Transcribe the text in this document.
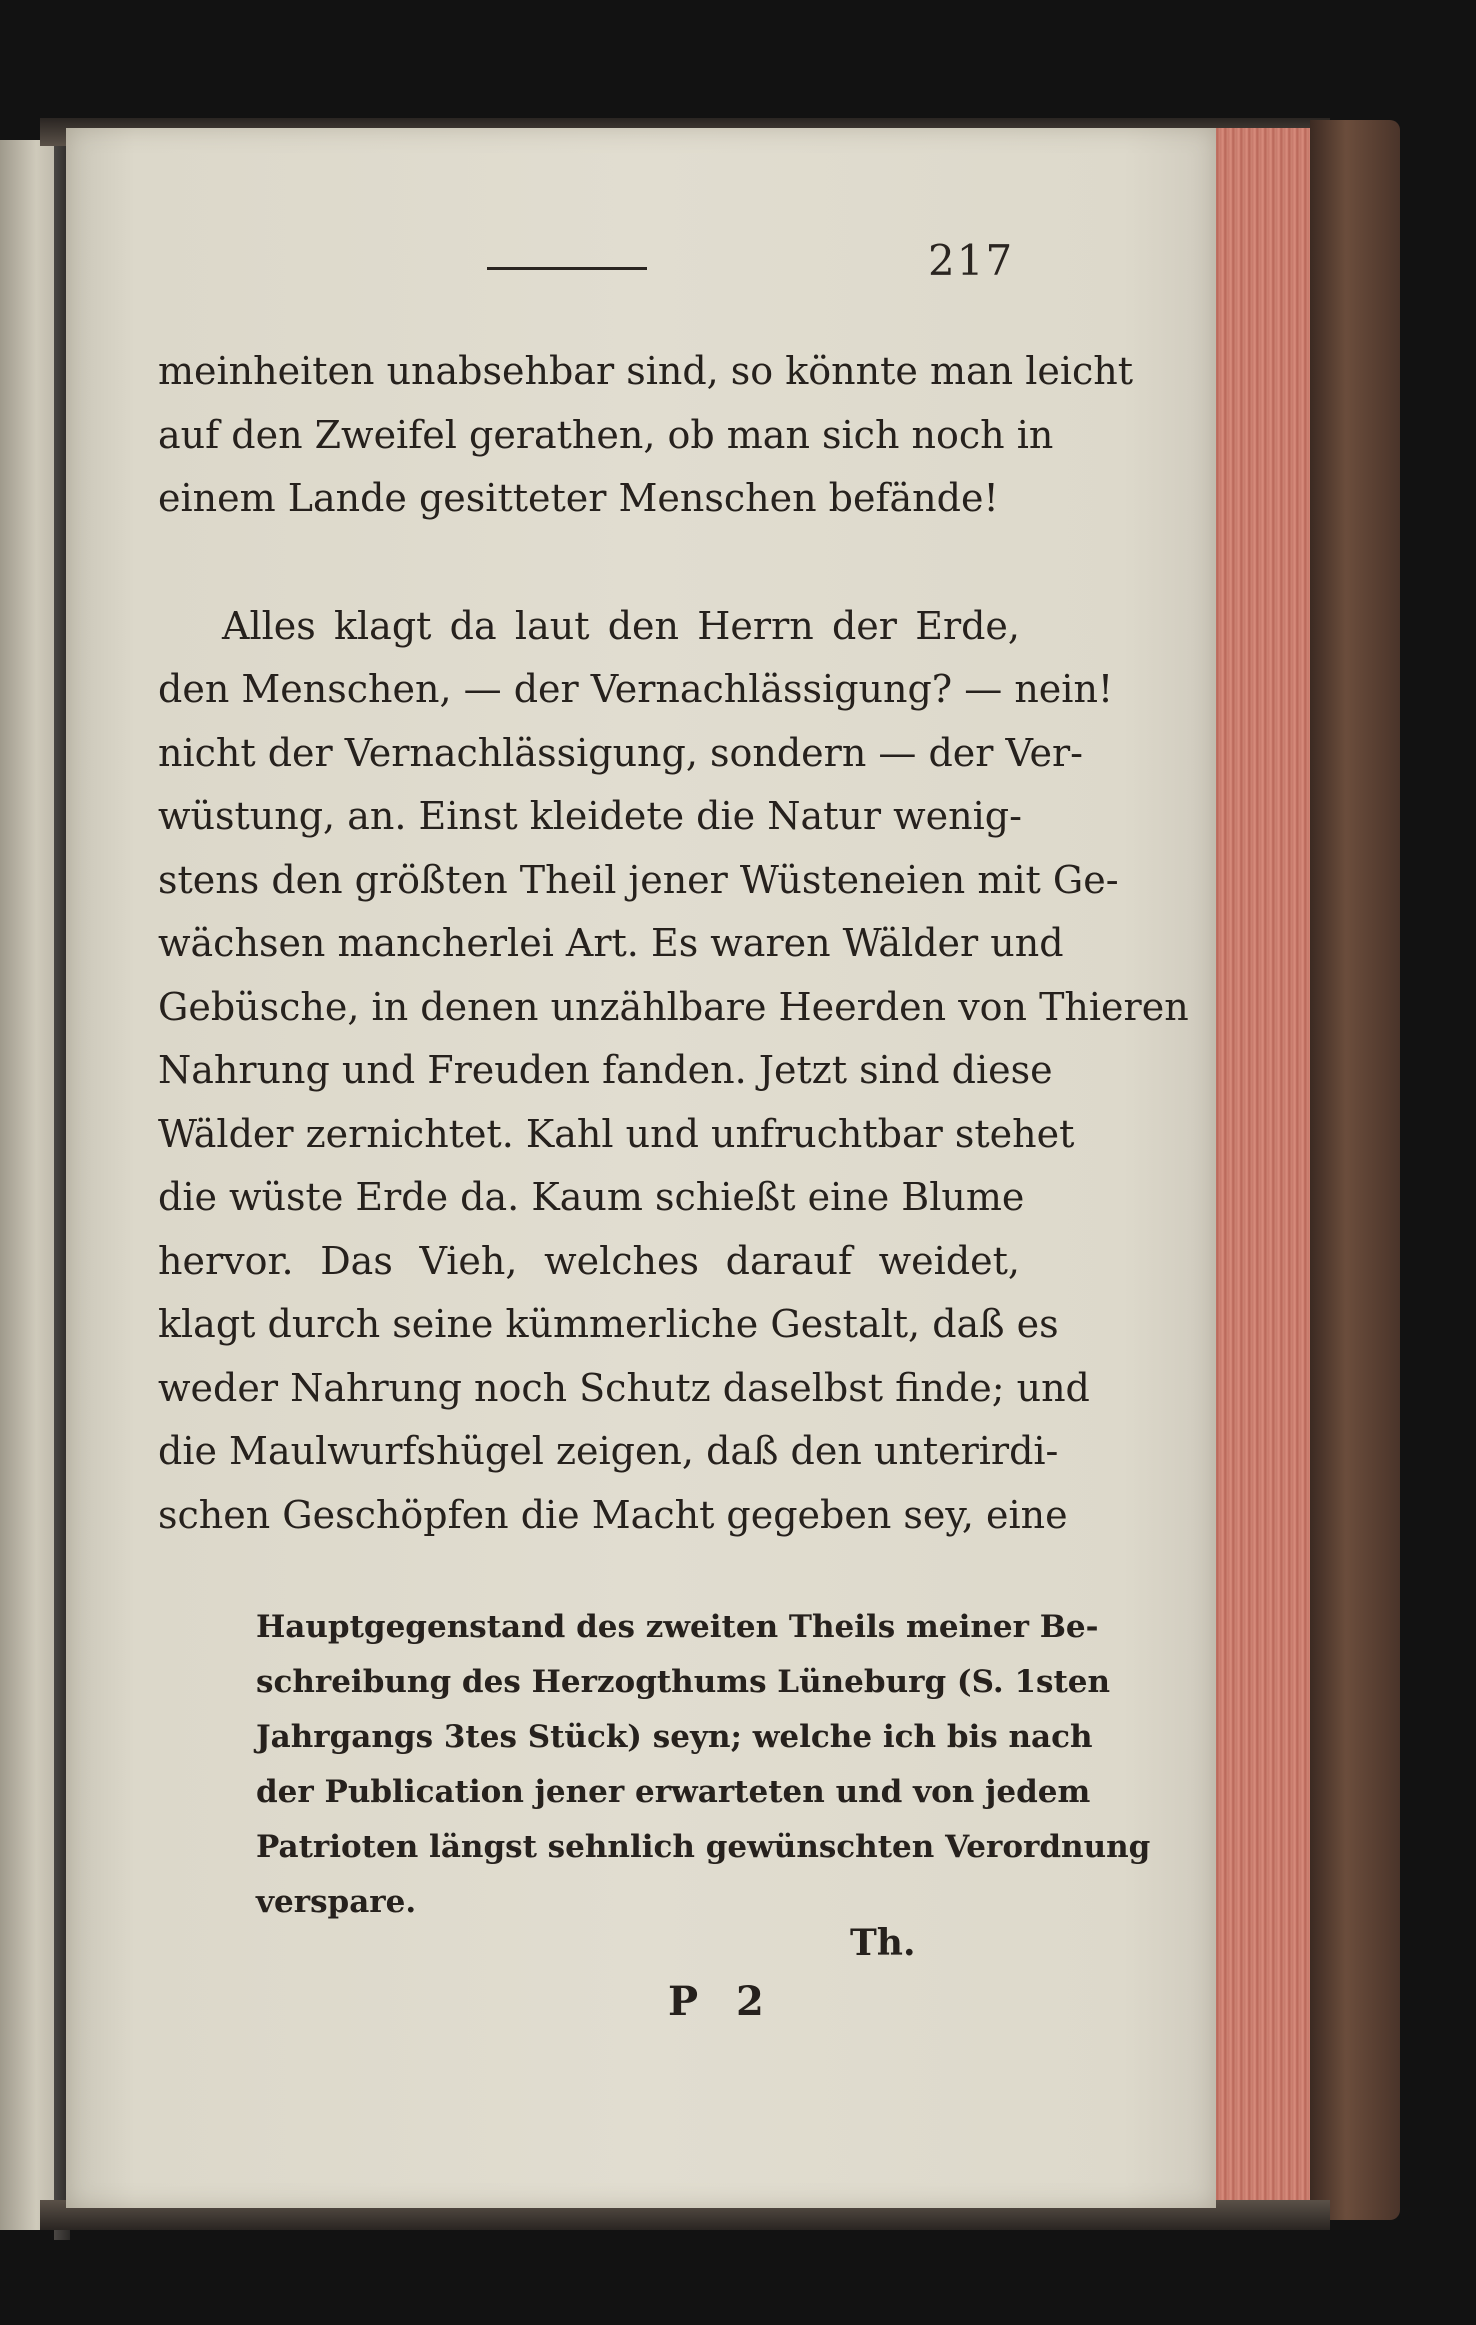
217
meinheiten unabsehbar sind, so könnte man leicht
auf den Zweifel gerathen, ob man sich noch in
einem Lande gesitteter Menschen befände!
Alles klagt da laut den Herrn der Erde,
den Menschen, — der Vernachlässigung? — nein!
nicht der Vernachlässigung, sondern — der Ver-
wüstung, an. Einst kleidete die Natur wenig-
stens den größten Theil jener Wüsteneien mit Ge-
wächsen mancherlei Art. Es waren Wälder und
Gebüsche, in denen unzählbare Heerden von Thieren
Nahrung und Freuden fanden. Jetzt sind diese
Wälder zernichtet. Kahl und unfruchtbar stehet
die wüste Erde da. Kaum schießt eine Blume
hervor. Das Vieh, welches darauf weidet,
klagt durch seine kümmerliche Gestalt, daß es
weder Nahrung noch Schutz daselbst finde; und
die Maulwurfshügel zeigen, daß den unterirdi-
schen Geschöpfen die Macht gegeben sey, eine
Hauptgegenstand des zweiten Theils meiner Be-
schreibung des Herzogthums Lüneburg (S. 1sten
Jahrgangs 3tes Stück) seyn; welche ich bis nach
der Publication jener erwarteten und von jedem
Patrioten längst sehnlich gewünschten Verordnung
verspare.
Th.
P 2
